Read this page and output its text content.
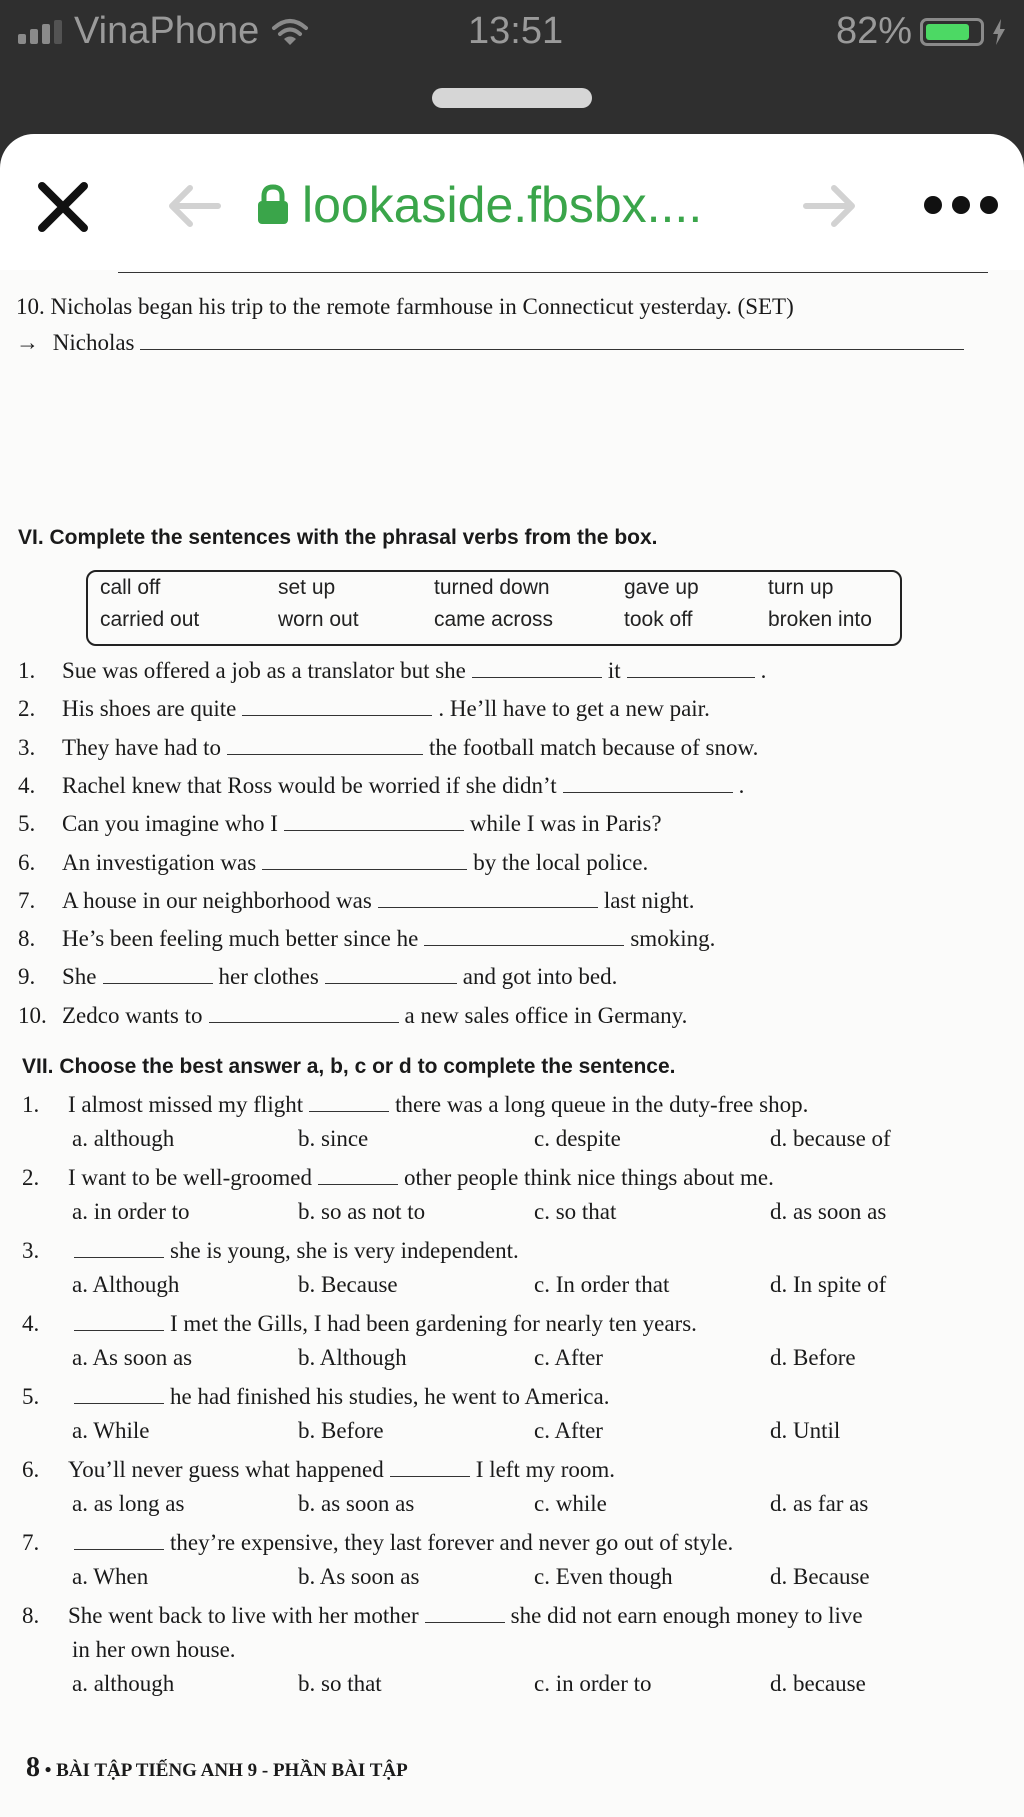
VinaPhone	13:51	82%
lookaside.fbsbx....
10. Nicholas began his trip to the remote farmhouse in Connecticut yesterday. (SET)
→ Nicholas
VI. Complete the sentences with the phrasal verbs from the box.
call off	set up	turned down	gave up	turn up
carried out	worn out	came across	took off	broken into
1. Sue was offered a job as a translator but she	it	.
2. His shoes are quite	. He’ll have to get a new pair.
3. They have had to	the football match because of snow.
4. Rachel knew that Ross would be worried if she didn’t	.
5. Can you imagine who I	while I was in Paris?
6. An investigation was	by the local police.
7. A house in our neighborhood was	last night.
8. He’s been feeling much better since he	smoking.
9. She	her clothes	and got into bed.
10. Zedco wants to	a new sales office in Germany.
VII. Choose the best answer a, b, c or d to complete the sentence.
1. I almost missed my flight	there was a long queue in the duty-free shop.
a. although	b. since	c. despite	d. because of
2. I want to be well-groomed	other people think nice things about me.
a. in order to	b. so as not to	c. so that	d. as soon as
3.	she is young, she is very independent.
a. Although	b. Because	c. In order that	d. In spite of
4.	I met the Gills, I had been gardening for nearly ten years.
a. As soon as	b. Although	c. After	d. Before
5.	he had finished his studies, he went to America.
a. While	b. Before	c. After	d. Until
6. You’ll never guess what happened	I left my room.
a. as long as	b. as soon as	c. while	d. as far as
7.	they’re expensive, they last forever and never go out of style.
a. When	b. As soon as	c. Even though	d. Because
8. She went back to live with her mother	she did not earn enough money to live
in her own house.
a. although	b. so that	c. in order to	d. because
8 • BÀI TẬP TIẾNG ANH 9 - PHẦN BÀI TẬP
